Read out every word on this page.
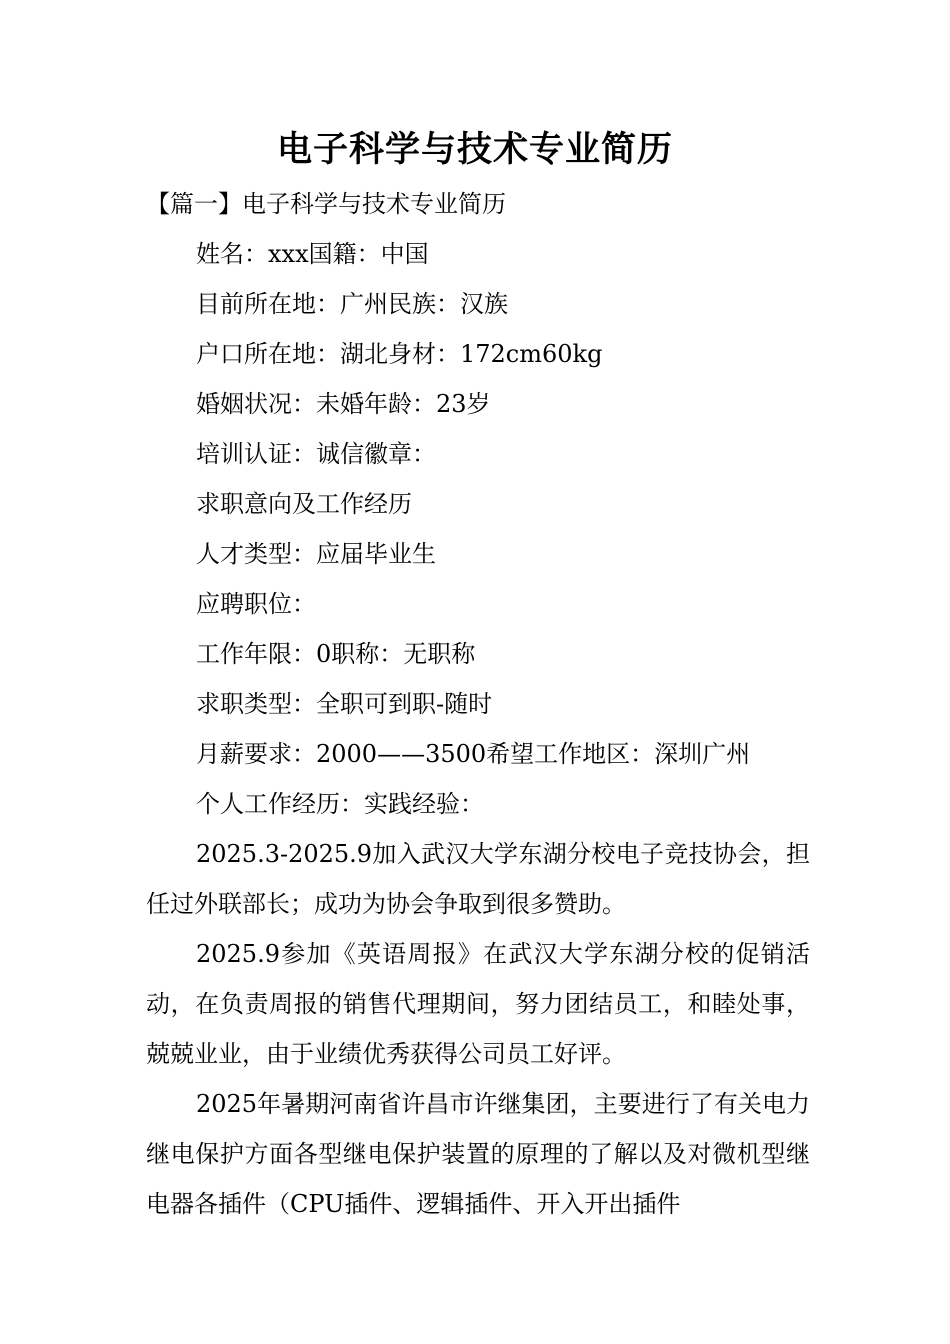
电子科学与技术专业简历
【篇一】电子科学与技术专业简历
姓名：xxx国籍：中国
目前所在地：广州民族：汉族
户口所在地：湖北身材：172cm60kg
婚姻状况：未婚年龄：23岁
培训认证：诚信徽章：
求职意向及工作经历
人才类型：应届毕业生
应聘职位：
工作年限：0职称：无职称
求职类型：全职可到职-随时
月薪要求：2000——3500希望工作地区：深圳广州
个人工作经历：实践经验：
2025.3-2025.9加入武汉大学东湖分校电子竞技协会，担任过外联部长；成功为协会争取到很多赞助。
2025.9参加《英语周报》在武汉大学东湖分校的促销活动，在负责周报的销售代理期间，努力团结员工，和睦处事，兢兢业业，由于业绩优秀获得公司员工好评。
2025年暑期河南省许昌市许继集团，主要进行了有关电力继电保护方面各型继电保护装置的原理的了解以及对微机型继电器各插件（CPU插件、逻辑插件、开入开出插件
